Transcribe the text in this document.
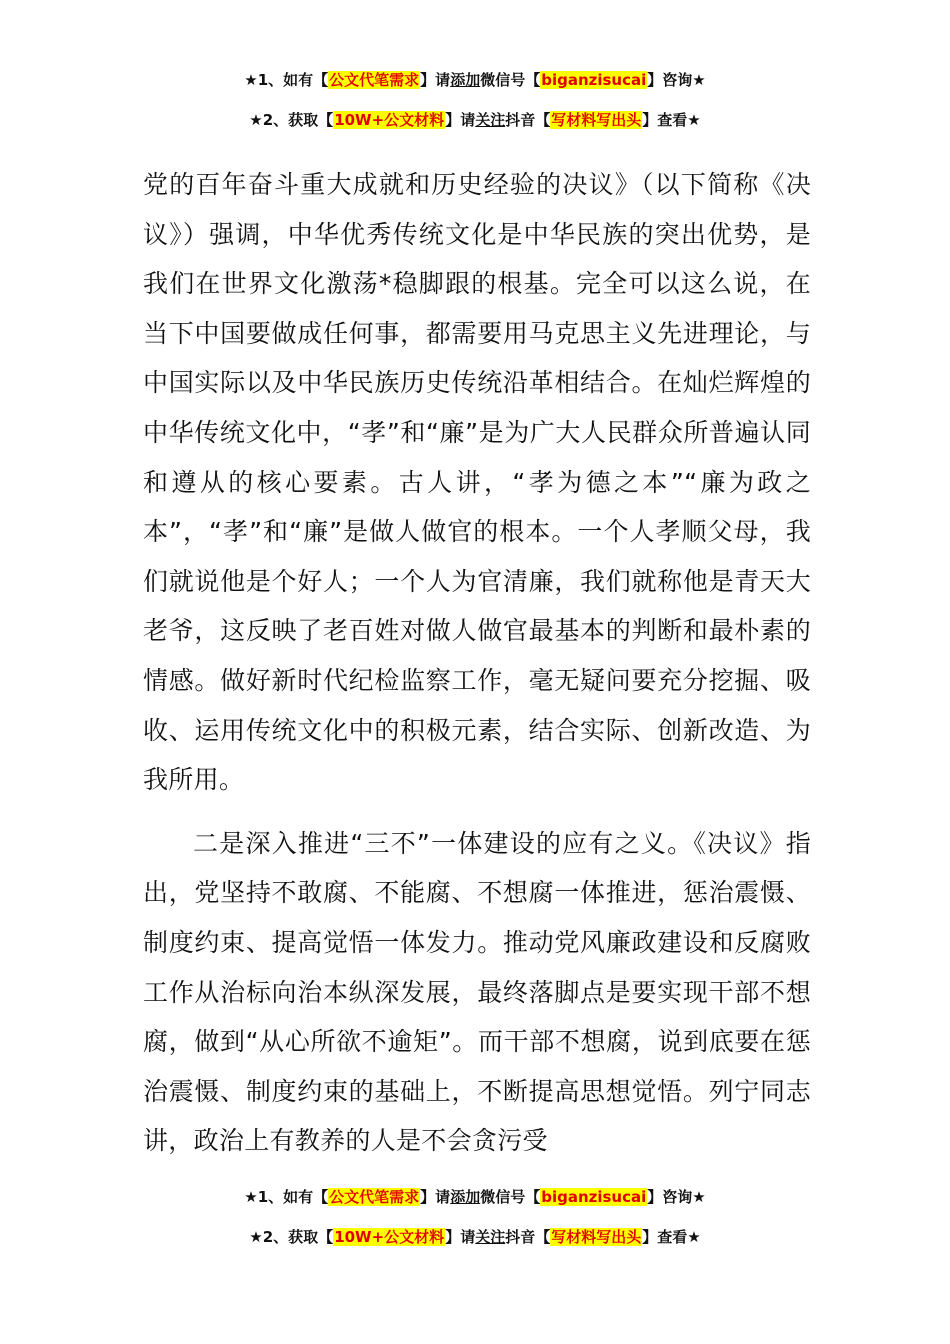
★1、如有【公文代笔需求】请添加微信号【biganzisucai】咨询★
★2、获取【10W+公文材料】请关注抖音【写材料写出头】查看★

党的百年奋斗重大成就和历史经验的决议》（以下简称《决议》）强调，中华优秀传统文化是中华民族的突出优势，是我们在世界文化激荡*稳脚跟的根基。完全可以这么说，在当下中国要做成任何事，都需要用马克思主义先进理论，与中国实际以及中华民族历史传统沿革相结合。在灿烂辉煌的中华传统文化中，“孝”和“廉”是为广大人民群众所普遍认同和遵从的核心要素。古人讲，“孝为德之本”“廉为政之本”，“孝”和“廉”是做人做官的根本。一个人孝顺父母，我们就说他是个好人；一个人为官清廉，我们就称他是青天大老爷，这反映了老百姓对做人做官最基本的判断和最朴素的情感。做好新时代纪检监察工作，毫无疑问要充分挖掘、吸收、运用传统文化中的积极元素，结合实际、创新改造、为我所用。

二是深入推进“三不”一体建设的应有之义。《决议》指出，党坚持不敢腐、不能腐、不想腐一体推进，惩治震慑、制度约束、提高觉悟一体发力。推动党风廉政建设和反腐败工作从治标向治本纵深发展，最终落脚点是要实现干部不想腐，做到“从心所欲不逾矩”。而干部不想腐，说到底要在惩治震慑、制度约束的基础上，不断提高思想觉悟。列宁同志讲，政治上有教养的人是不会贪污受

★1、如有【公文代笔需求】请添加微信号【biganzisucai】咨询★
★2、获取【10W+公文材料】请关注抖音【写材料写出头】查看★
